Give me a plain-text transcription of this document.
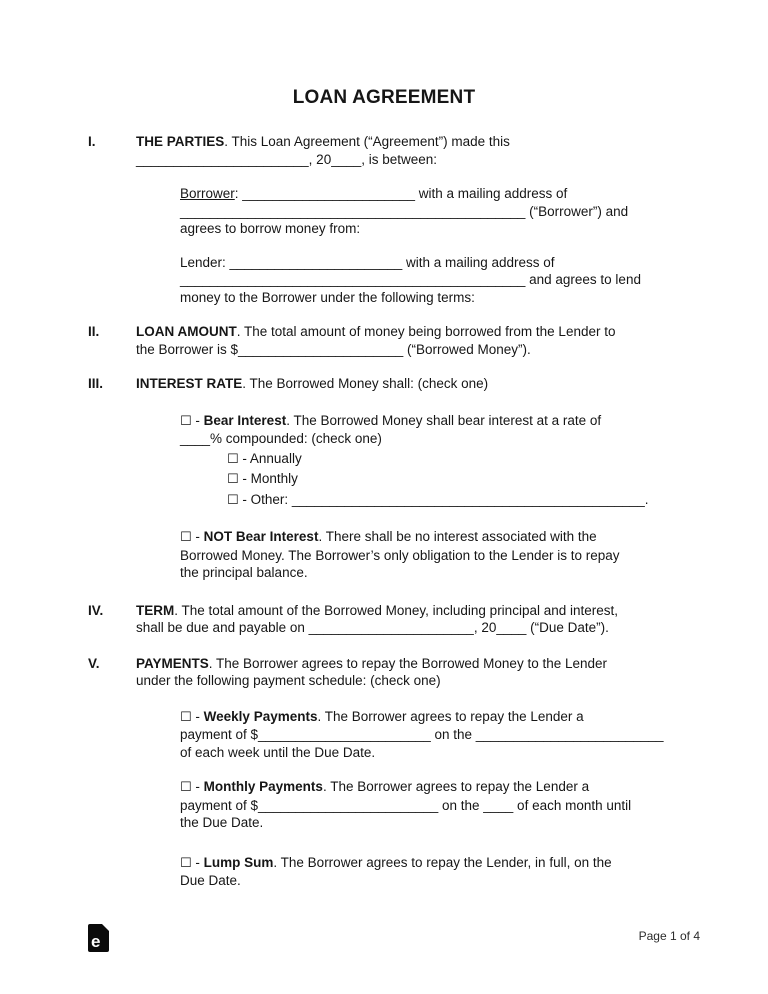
LOAN AGREEMENT
I.	THE PARTIES. This Loan Agreement (“Agreement”) made this
_______________________, 20____, is between:
Borrower: _______________________ with a mailing address of
______________________________________________ (“Borrower”) and
agrees to borrow money from:
Lender: _______________________ with a mailing address of
______________________________________________ and agrees to lend
money to the Borrower under the following terms:
II.	LOAN AMOUNT. The total amount of money being borrowed from the Lender to
the Borrower is $______________________ (“Borrowed Money”).
III.	INTEREST RATE. The Borrowed Money shall: (check one)
☐ - Bear Interest. The Borrowed Money shall bear interest at a rate of
____% compounded: (check one)
☐ - Annually
☐ - Monthly
☐ - Other: _______________________________________________.
☐ - NOT Bear Interest. There shall be no interest associated with the
Borrowed Money. The Borrower’s only obligation to the Lender is to repay
the principal balance.
IV.	TERM. The total amount of the Borrowed Money, including principal and interest,
shall be due and payable on ______________________, 20____ (“Due Date”).
V.	PAYMENTS. The Borrower agrees to repay the Borrowed Money to the Lender
under the following payment schedule: (check one)
☐ - Weekly Payments. The Borrower agrees to repay the Lender a
payment of $_______________________ on the _________________________
of each week until the Due Date.
☐ - Monthly Payments. The Borrower agrees to repay the Lender a
payment of $________________________ on the ____ of each month until
the Due Date.
☐ - Lump Sum. The Borrower agrees to repay the Lender, in full, on the
Due Date.
e	Page 1 of 4
